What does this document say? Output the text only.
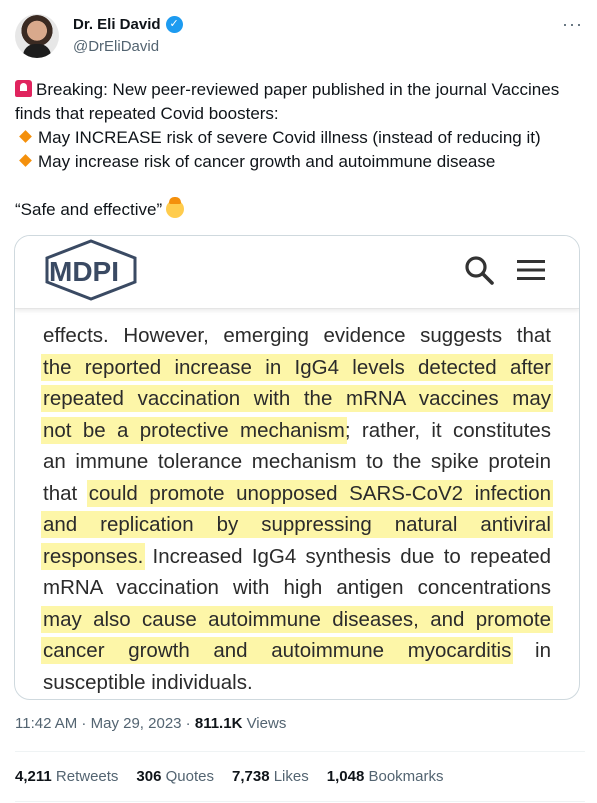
Dr. Eli David ✓
@DrEliDavid
···

Breaking: New peer-reviewed paper published in the journal Vaccines finds that repeated Covid boosters:

May INCREASE risk of severe Covid illness (instead of reducing it)

May increase risk of cancer growth and autoimmune disease

“Safe and effective”

MDPI
effects. However, emerging evidence suggests that
the reported increase in IgG4 levels detected after
repeated vaccination with the mRNA vaccines may
not be a protective mechanism; rather, it constitutes
an immune tolerance mechanism to the spike protein
that could promote unopposed SARS-CoV2 infection
and replication by suppressing natural antiviral
responses. Increased IgG4 synthesis due to repeated
mRNA vaccination with high antigen concentrations
may also cause autoimmune diseases, and promote
cancer growth and autoimmune myocarditis in
susceptible individuals.
11:42 AM · May 29, 2023 · 811.1K Views
4,211 Retweets 306 Quotes 7,738 Likes 1,048 Bookmarks
